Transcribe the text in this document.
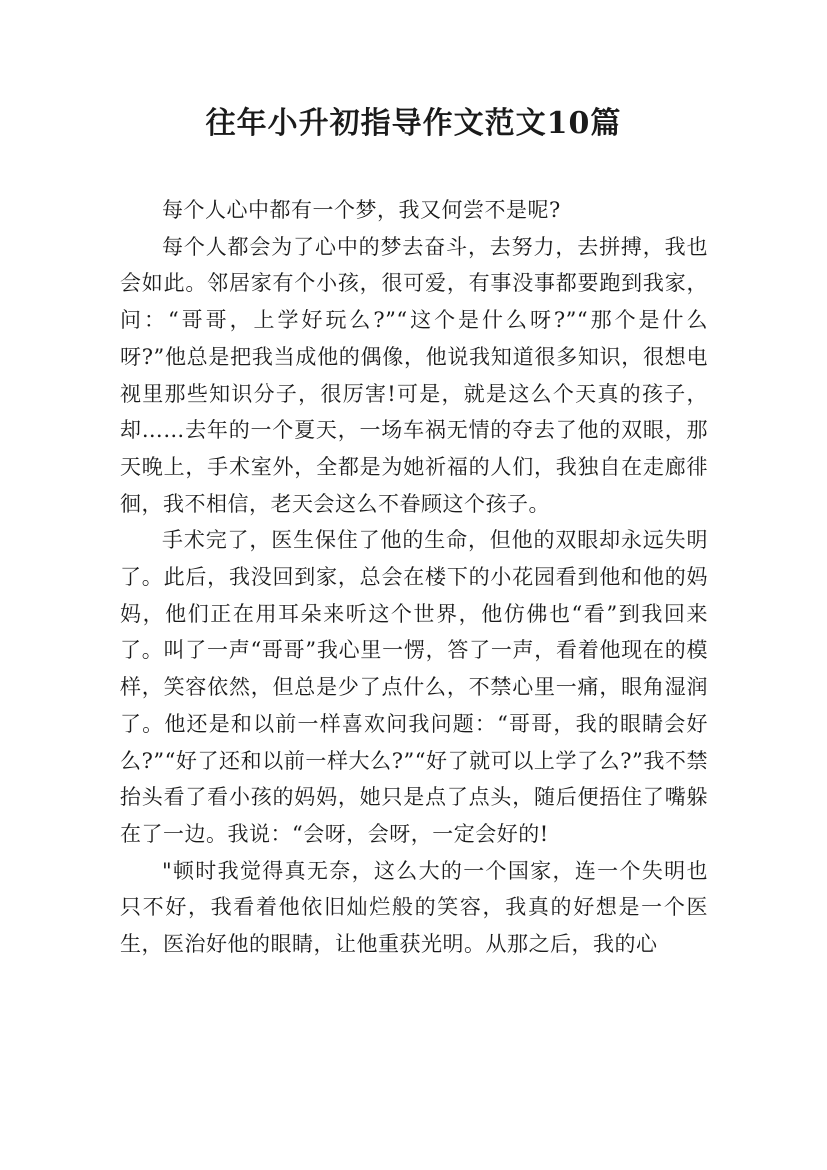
往年小升初指导作文范文10篇

每个人心中都有一个梦，我又何尝不是呢?

每个人都会为了心中的梦去奋斗，去努力，去拼搏，我也会如此。邻居家有个小孩，很可爱，有事没事都要跑到我家，问：“哥哥，上学好玩么?”“这个是什么呀?”“那个是什么呀?”他总是把我当成他的偶像，他说我知道很多知识，很想电视里那些知识分子，很厉害!可是，就是这么个天真的孩子，却……去年的一个夏天，一场车祸无情的夺去了他的双眼，那天晚上，手术室外，全都是为她祈福的人们，我独自在走廊徘徊，我不相信，老天会这么不眷顾这个孩子。

手术完了，医生保住了他的生命，但他的双眼却永远失明了。此后，我没回到家，总会在楼下的小花园看到他和他的妈妈，他们正在用耳朵来听这个世界，他仿佛也“看”到我回来了。叫了一声“哥哥”我心里一愣，答了一声，看着他现在的模样，笑容依然，但总是少了点什么，不禁心里一痛，眼角湿润了。他还是和以前一样喜欢问我问题：“哥哥，我的眼睛会好么?”“好了还和以前一样大么?”“好了就可以上学了么?”我不禁抬头看了看小孩的妈妈，她只是点了点头，随后便捂住了嘴躲在了一边。我说：“会呀，会呀，一定会好的!

"顿时我觉得真无奈，这么大的一个国家，连一个失明也只不好，我看着他依旧灿烂般的笑容，我真的好想是一个医生，医治好他的眼睛，让他重获光明。从那之后，我的心
